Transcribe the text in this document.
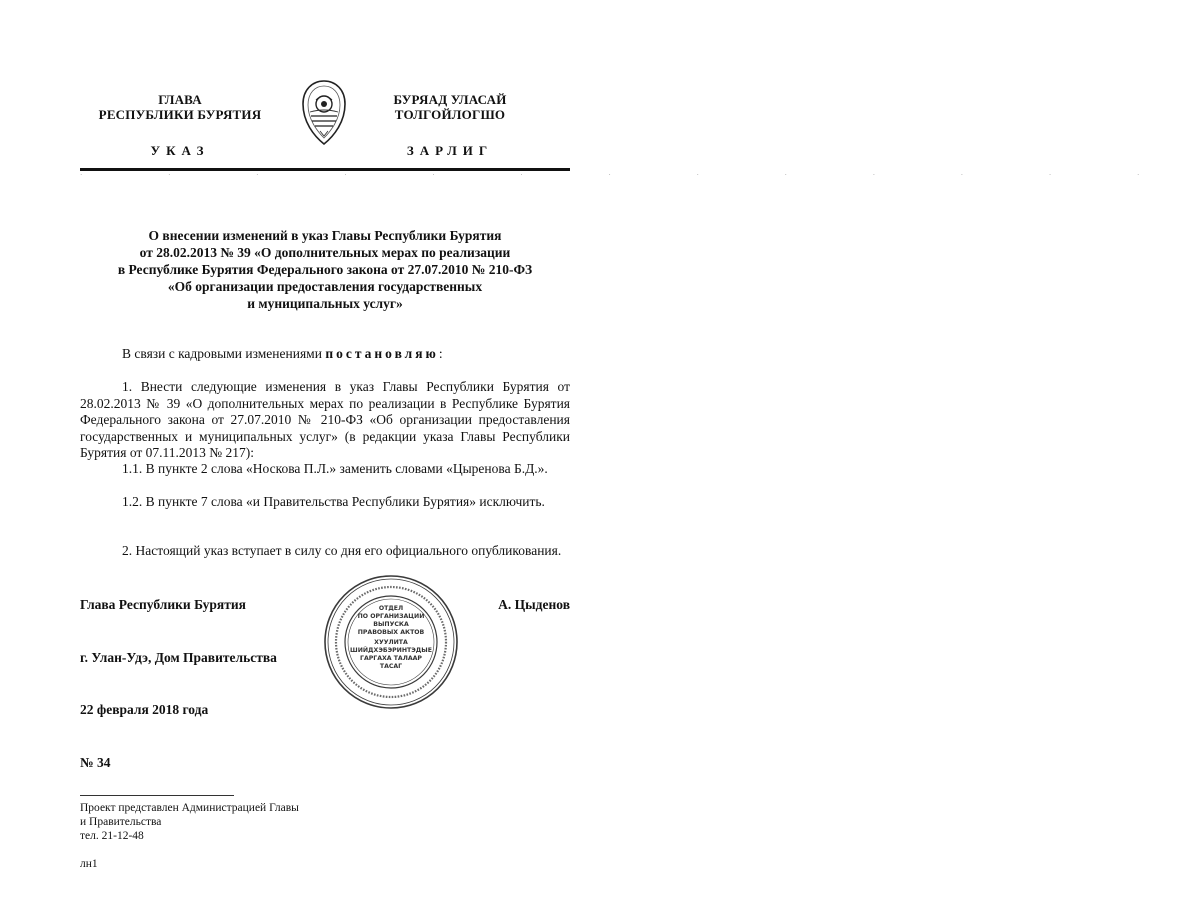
ГЛАВА
РЕСПУБЛИКИ БУРЯТИЯ
УКАЗ
БУРЯАД УЛАСАЙ
ТОЛГОЙЛОГШО
ЗАРЛИГ
· · · · · · · · · · · · ·
О внесении изменений в указ Главы Республики Бурятия
от 28.02.2013 № 39 «О дополнительных мерах по реализации
в Республике Бурятия Федерального закона от 27.07.2010 № 210-ФЗ
«Об организации предоставления государственных
и муниципальных услуг»
В связи с кадровыми изменениями постановляю:
1. Внести следующие изменения в указ Главы Республики Бурятия от 28.02.2013 № 39 «О дополнительных мерах по реализации в Республике Бурятия Федерального закона от 27.07.2010 № 210-ФЗ «Об организации предоставления государственных и муниципальных услуг» (в редакции указа Главы Республики Бурятия от 07.11.2013 № 217):
1.1. В пункте 2 слова «Носкова П.Л.» заменить словами «Цыренова Б.Д.».
1.2. В пункте 7 слова «и Правительства Республики Бурятия» исключить.
2. Настоящий указ вступает в силу со дня его официального опубликования.
ОТДЕЛ
ПО ОРГАНИЗАЦИИ
ВЫПУСКА
ПРАВОВЫХ АКТОВ
ХУУЛИТА
ШИЙДХЭБЭРИНТЭДЫЕ
ГАРГАХА ТАЛААР
ТАСАГ
Глава Республики Бурятия	А. Цыденов
г. Улан-Удэ, Дом Правительства
22 февраля 2018 года
№ 34
Проект представлен Администрацией Главы
и Правительства
тел. 21-12-48
лн1
